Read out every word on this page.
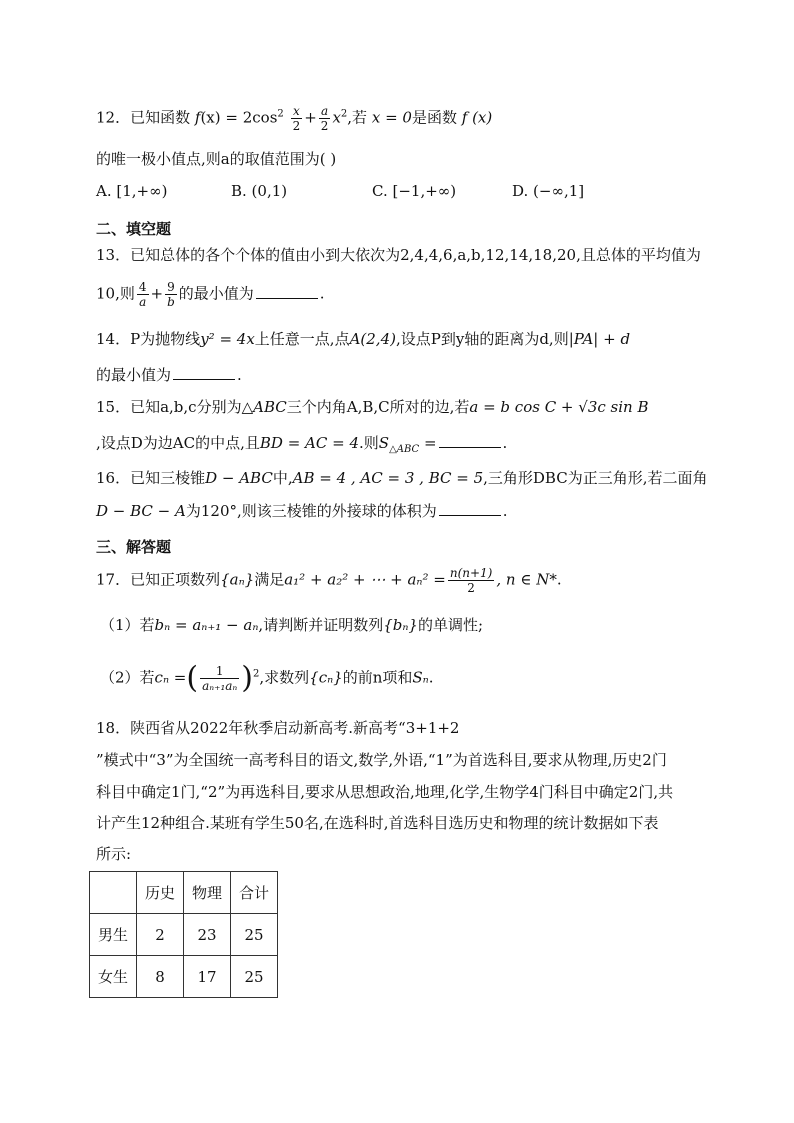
12．已知函数 $f(x) = 2\cos^2 \frac{x}{2} + \frac{a}{2} x^2$,若 x = 0是函数 f (x)
的唯一极小值点,则a的取值范围为( )
A. [1,+∞)	B. (0,1)	C. [−1,+∞)	D. (−∞,1]
二、填空题
13．已知总体的各个个体的值由小到大依次为2,4,4,6,a,b,12,14,18,20,且总体的平均值为
10,则 $\frac{4}{a} + \frac{9}{b}$ 的最小值为	.
14．P为抛物线y² = 4x上任意一点,点A(2,4),设点P到y轴的距离为d,则|PA| + d
的最小值为	.
15．已知a,b,c分别为△ABC三个内角A,B,C所对的边,若a = b cos C + √3c sin B
,设点D为边AC的中点,且BD = AC = 4.则$S_{\triangle ABC}$ =	.
16．已知三棱锥D − ABC中,AB = 4 , AC = 3 , BC = 5,三角形DBC为正三角形,若二面角
D − BC − A为120°,则该三棱锥的外接球的体积为	.
三、解答题
17．已知正项数列{aₙ}满足a₁² + a₂² + ⋯ + $a_n^2 = \frac{n(n+1)}{2}$ , n ∈ N*.
（1）若bₙ = aₙ₊₁ − aₙ,请判断并证明数列{bₙ}的单调性;
（2）若cₙ =( $\frac{1}{\text{aₙ₊₁aₙ}} )^2$,求数列{cₙ}的前n项和Sₙ.
18．陕西省从2022年秋季启动新高考.新高考“3+1+2
”模式中“3”为全国统一高考科目的语文,数学,外语,“1”为首选科目,要求从物理,历史2门
科目中确定1门,“2”为再选科目,要求从思想政治,地理,化学,生物学4门科目中确定2门,共
计产生12种组合.某班有学生50名,在选科时,首选科目选历史和物理的统计数据如下表
所示:
	历史	物理	合计
男生	2	23	25
女生	8	17	25
